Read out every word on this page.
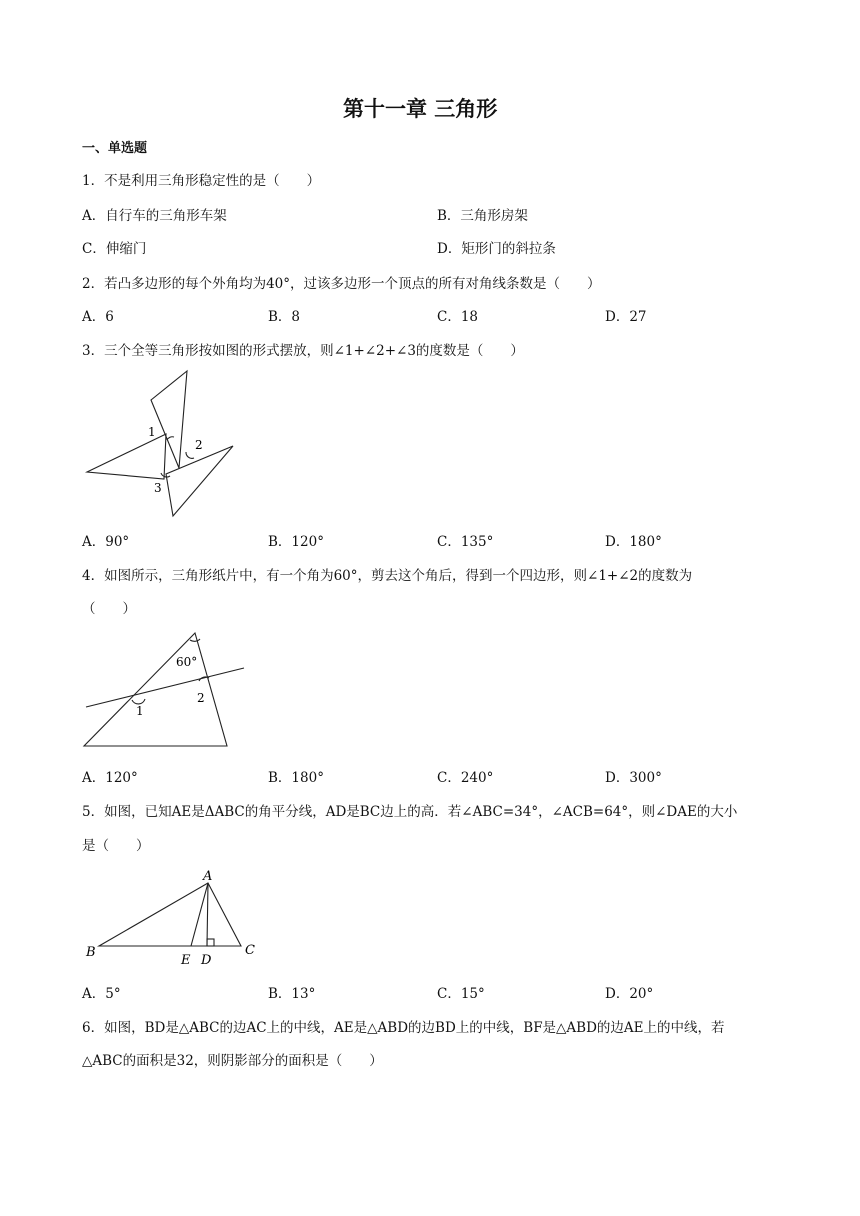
第十一章 三角形
一、单选题
1．不是利用三角形稳定性的是（　　）
A．自行车的三角形车架	B．三角形房架
C．伸缩门	D．矩形门的斜拉条
2．若凸多边形的每个外角均为40°，过该多边形一个顶点的所有对角线条数是（　　）
A．6	B．8	C．18	D．27
3．三个全等三角形按如图的形式摆放，则∠1+∠2+∠3的度数是（　　）
1
2
3
A．90°	B．120°	C．135°	D．180°
4．如图所示，三角形纸片中，有一个角为60°，剪去这个角后，得到一个四边形，则∠1+∠2的度数为
（　　）
60°
1
2
A．120°	B．180°	C．240°	D．300°
5．如图，已知AE是ΔABC的角平分线，AD是BC边上的高．若∠ABC=34°，∠ACB=64°，则∠DAE的大小
是（　　）
A
B
E D
C
A．5°	B．13°	C．15°	D．20°
6．如图，BD是△ABC的边AC上的中线，AE是△ABD的边BD上的中线，BF是△ABD的边AE上的中线，若
△ABC的面积是32，则阴影部分的面积是（　　）
